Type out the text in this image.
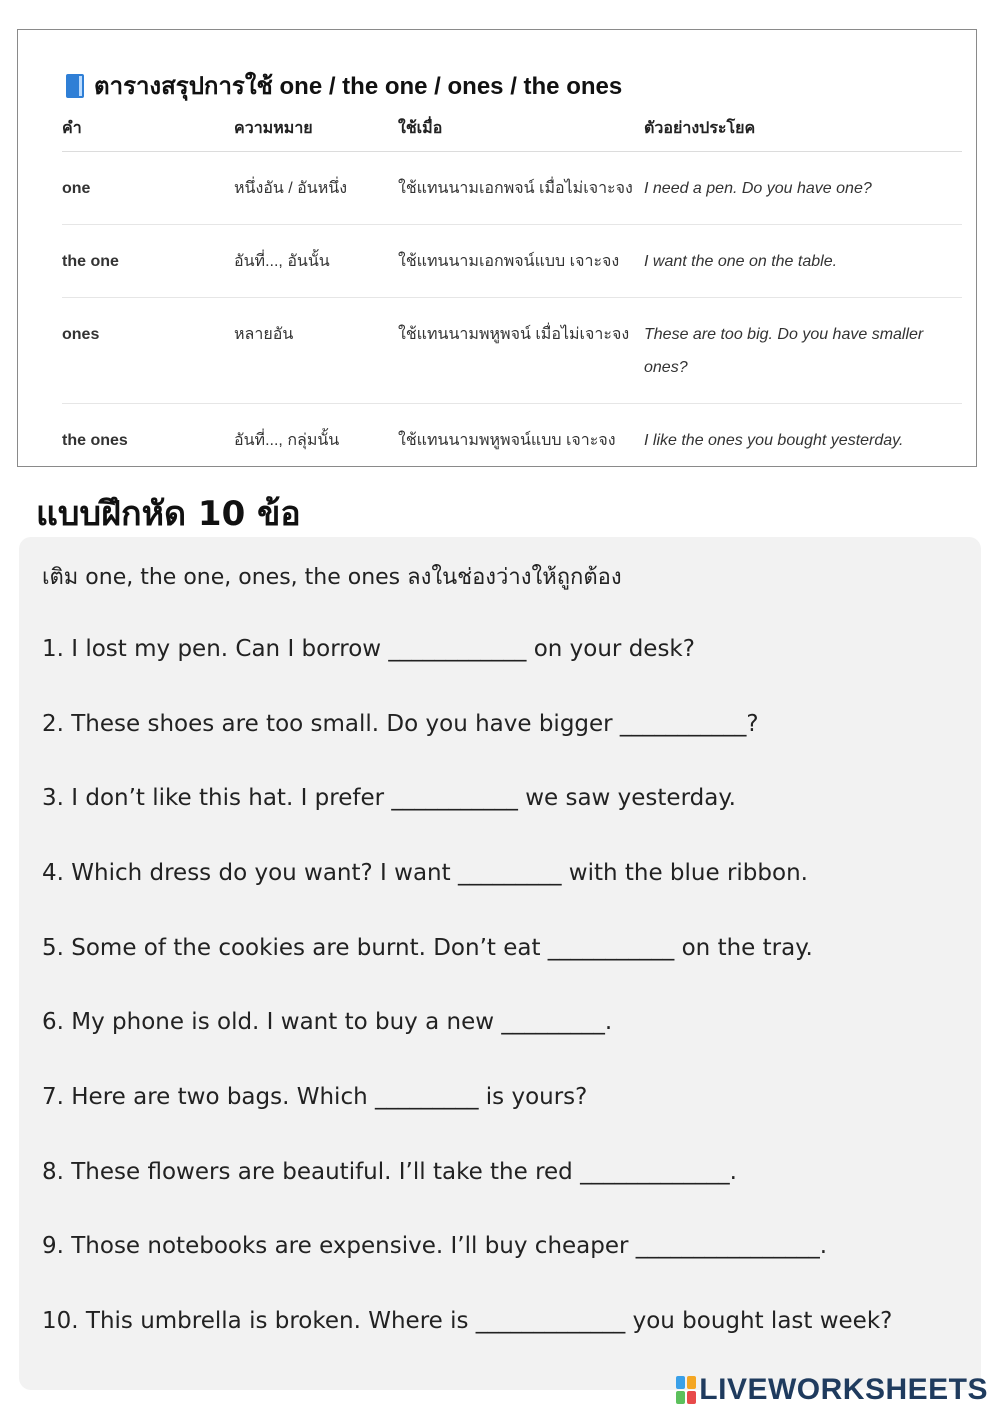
ตารางสรุปการใช้ one / the one / ones / the ones
คำ	ความหมาย	ใช้เมื่อ	ตัวอย่างประโยค

one	หนึ่งอัน / อันหนึ่ง	ใช้แทนนามเอกพจน์ เมื่อไม่เจาะจง	I need a pen. Do you have one?

the one	อันที่..., อันนั้น	ใช้แทนนามเอกพจน์แบบ เจาะจง	I want the one on the table.

ones	หลายอัน	ใช้แทนนามพหูพจน์ เมื่อไม่เจาะจง	These are too big. Do you have smaller ones?

the ones	อันที่..., กลุ่มนั้น	ใช้แทนนามพหูพจน์แบบ เจาะจง	I like the ones you bought yesterday.
แบบฝึกหัด 10 ข้อ
เติม one, the one, ones, the ones ลงในช่องว่างให้ถูกต้อง
1. I lost my pen. Can I borrow ____________ on your desk?
2. These shoes are too small. Do you have bigger ___________?
3. I don’t like this hat. I prefer ___________ we saw yesterday.
4. Which dress do you want? I want _________ with the blue ribbon.
5. Some of the cookies are burnt. Don’t eat ___________ on the tray.
6. My phone is old. I want to buy a new _________.
7. Here are two bags. Which _________ is yours?
8. These flowers are beautiful. I’ll take the red _____________.
9. Those notebooks are expensive. I’ll buy cheaper ________________.
10. This umbrella is broken. Where is _____________ you bought last week?
LIVEWORKSHEETS
